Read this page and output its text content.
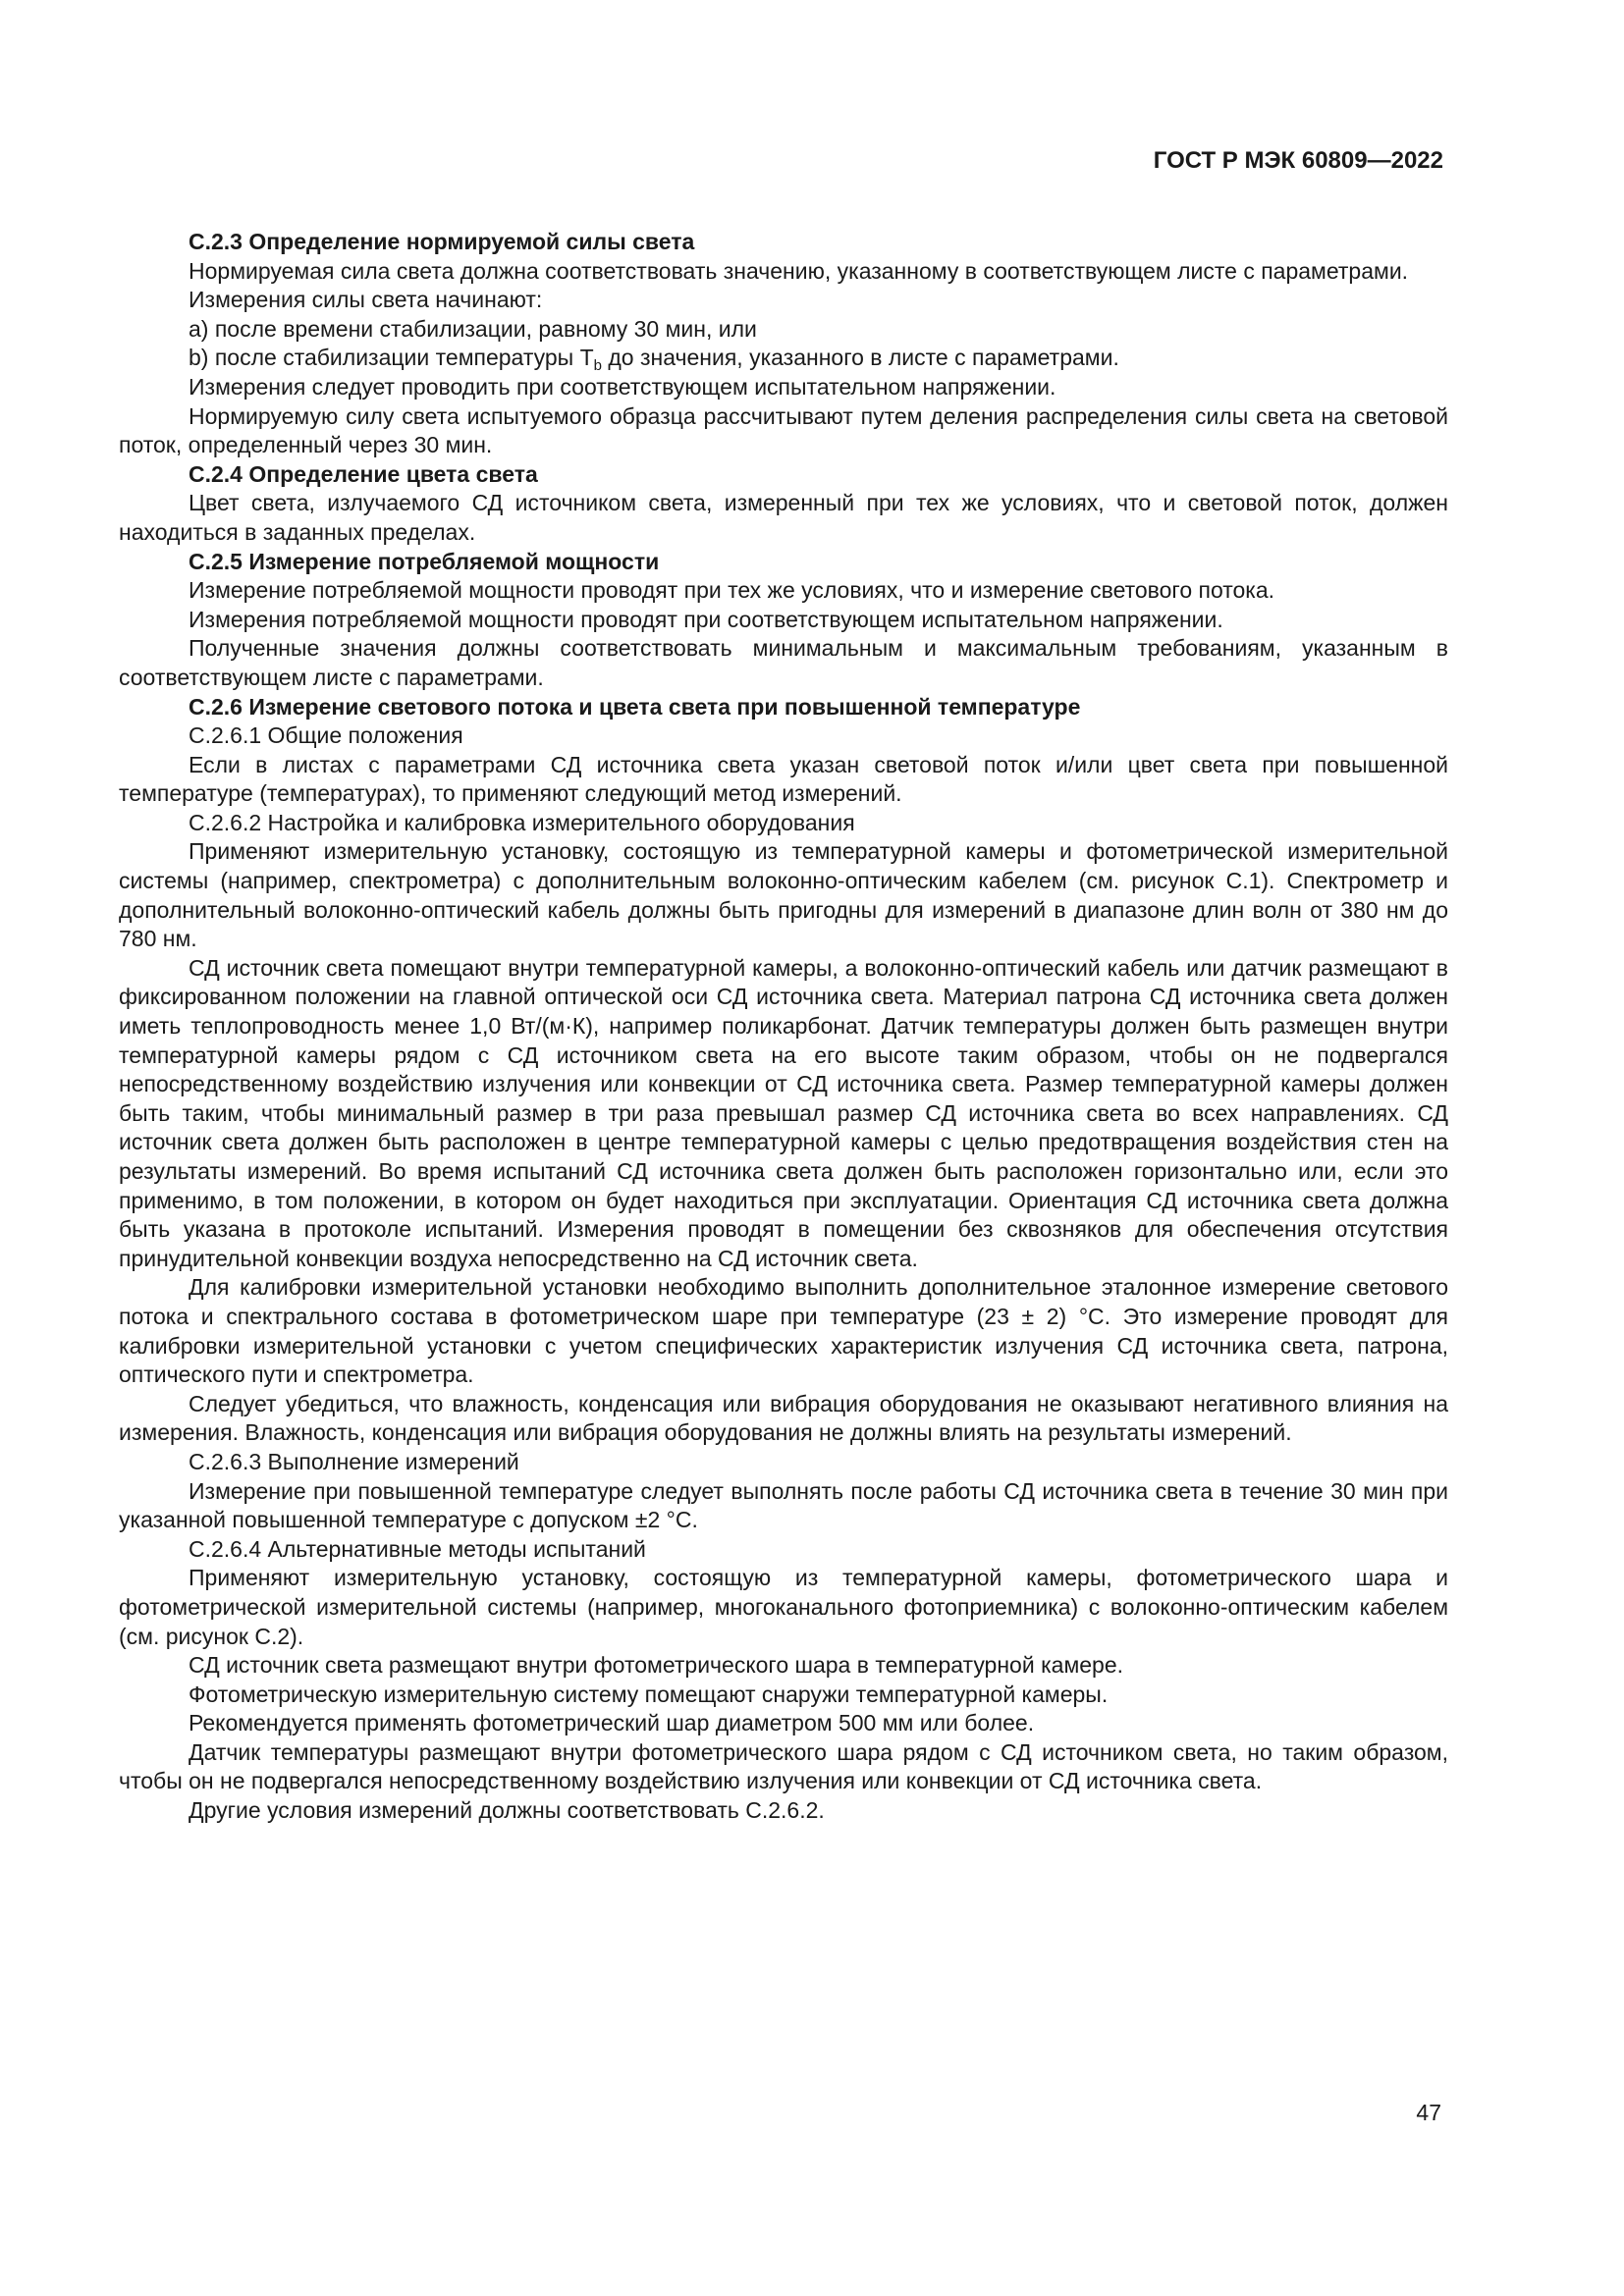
ГОСТ Р МЭК 60809—2022

C.2.3 Определение нормируемой силы света

Нормируемая сила света должна соответствовать значению, указанному в соответствующем листе с параметрами.

Измерения силы света начинают:

a) после времени стабилизации, равному 30 мин, или

b) после стабилизации температуры $T_b$ до значения, указанного в листе с параметрами.

Измерения следует проводить при соответствующем испытательном напряжении.

Нормируемую силу света испытуемого образца рассчитывают путем деления распределения силы света на световой поток, определенный через 30 мин.

C.2.4 Определение цвета света

Цвет света, излучаемого СД источником света, измеренный при тех же условиях, что и световой поток, должен находиться в заданных пределах.

C.2.5 Измерение потребляемой мощности

Измерение потребляемой мощности проводят при тех же условиях, что и измерение светового потока.

Измерения потребляемой мощности проводят при соответствующем испытательном напряжении.

Полученные значения должны соответствовать минимальным и максимальным требованиям, указанным в соответствующем листе с параметрами.

C.2.6 Измерение светового потока и цвета света при повышенной температуре

C.2.6.1 Общие положения

Если в листах с параметрами СД источника света указан световой поток и/или цвет света при повышенной температуре (температурах), то применяют следующий метод измерений.

C.2.6.2 Настройка и калибровка измерительного оборудования

Применяют измерительную установку, состоящую из температурной камеры и фотометрической измерительной системы (например, спектрометра) с дополнительным волоконно-оптическим кабелем (см. рисунок C.1). Спектрометр и дополнительный волоконно-оптический кабель должны быть пригодны для измерений в диапазоне длин волн от 380 нм до 780 нм.

СД источник света помещают внутри температурной камеры, а волоконно-оптический кабель или датчик размещают в фиксированном положении на главной оптической оси СД источника света. Материал патрона СД источника света должен иметь теплопроводность менее 1,0 Вт/(м·К), например поликарбонат. Датчик температуры должен быть размещен внутри температурной камеры рядом с СД источником света на его высоте таким образом, чтобы он не подвергался непосредственному воздействию излучения или конвекции от СД источника света. Размер температурной камеры должен быть таким, чтобы минимальный размер в три раза превышал размер СД источника света во всех направлениях. СД источник света должен быть расположен в центре температурной камеры с целью предотвращения воздействия стен на результаты измерений. Во время испытаний СД источника света должен быть расположен горизонтально или, если это применимо, в том положении, в котором он будет находиться при эксплуатации. Ориентация СД источника света должна быть указана в протоколе испытаний. Измерения проводят в помещении без сквозняков для обеспечения отсутствия принудительной конвекции воздуха непосредственно на СД источник света.

Для калибровки измерительной установки необходимо выполнить дополнительное эталонное измерение светового потока и спектрального состава в фотометрическом шаре при температуре (23 ± 2) °C. Это измерение проводят для калибровки измерительной установки с учетом специфических характеристик излучения СД источника света, патрона, оптического пути и спектрометра.

Следует убедиться, что влажность, конденсация или вибрация оборудования не оказывают негативного влияния на измерения. Влажность, конденсация или вибрация оборудования не должны влиять на результаты измерений.

C.2.6.3 Выполнение измерений

Измерение при повышенной температуре следует выполнять после работы СД источника света в течение 30 мин при указанной повышенной температуре с допуском ±2 °C.

C.2.6.4 Альтернативные методы испытаний

Применяют измерительную установку, состоящую из температурной камеры, фотометрического шара и фотометрической измерительной системы (например, многоканального фотоприемника) с волоконно-оптическим кабелем (см. рисунок C.2).

СД источник света размещают внутри фотометрического шара в температурной камере.

Фотометрическую измерительную систему помещают снаружи температурной камеры.

Рекомендуется применять фотометрический шар диаметром 500 мм или более.

Датчик температуры размещают внутри фотометрического шара рядом с СД источником света, но таким образом, чтобы он не подвергался непосредственному воздействию излучения или конвекции от СД источника света.

Другие условия измерений должны соответствовать C.2.6.2.

47
